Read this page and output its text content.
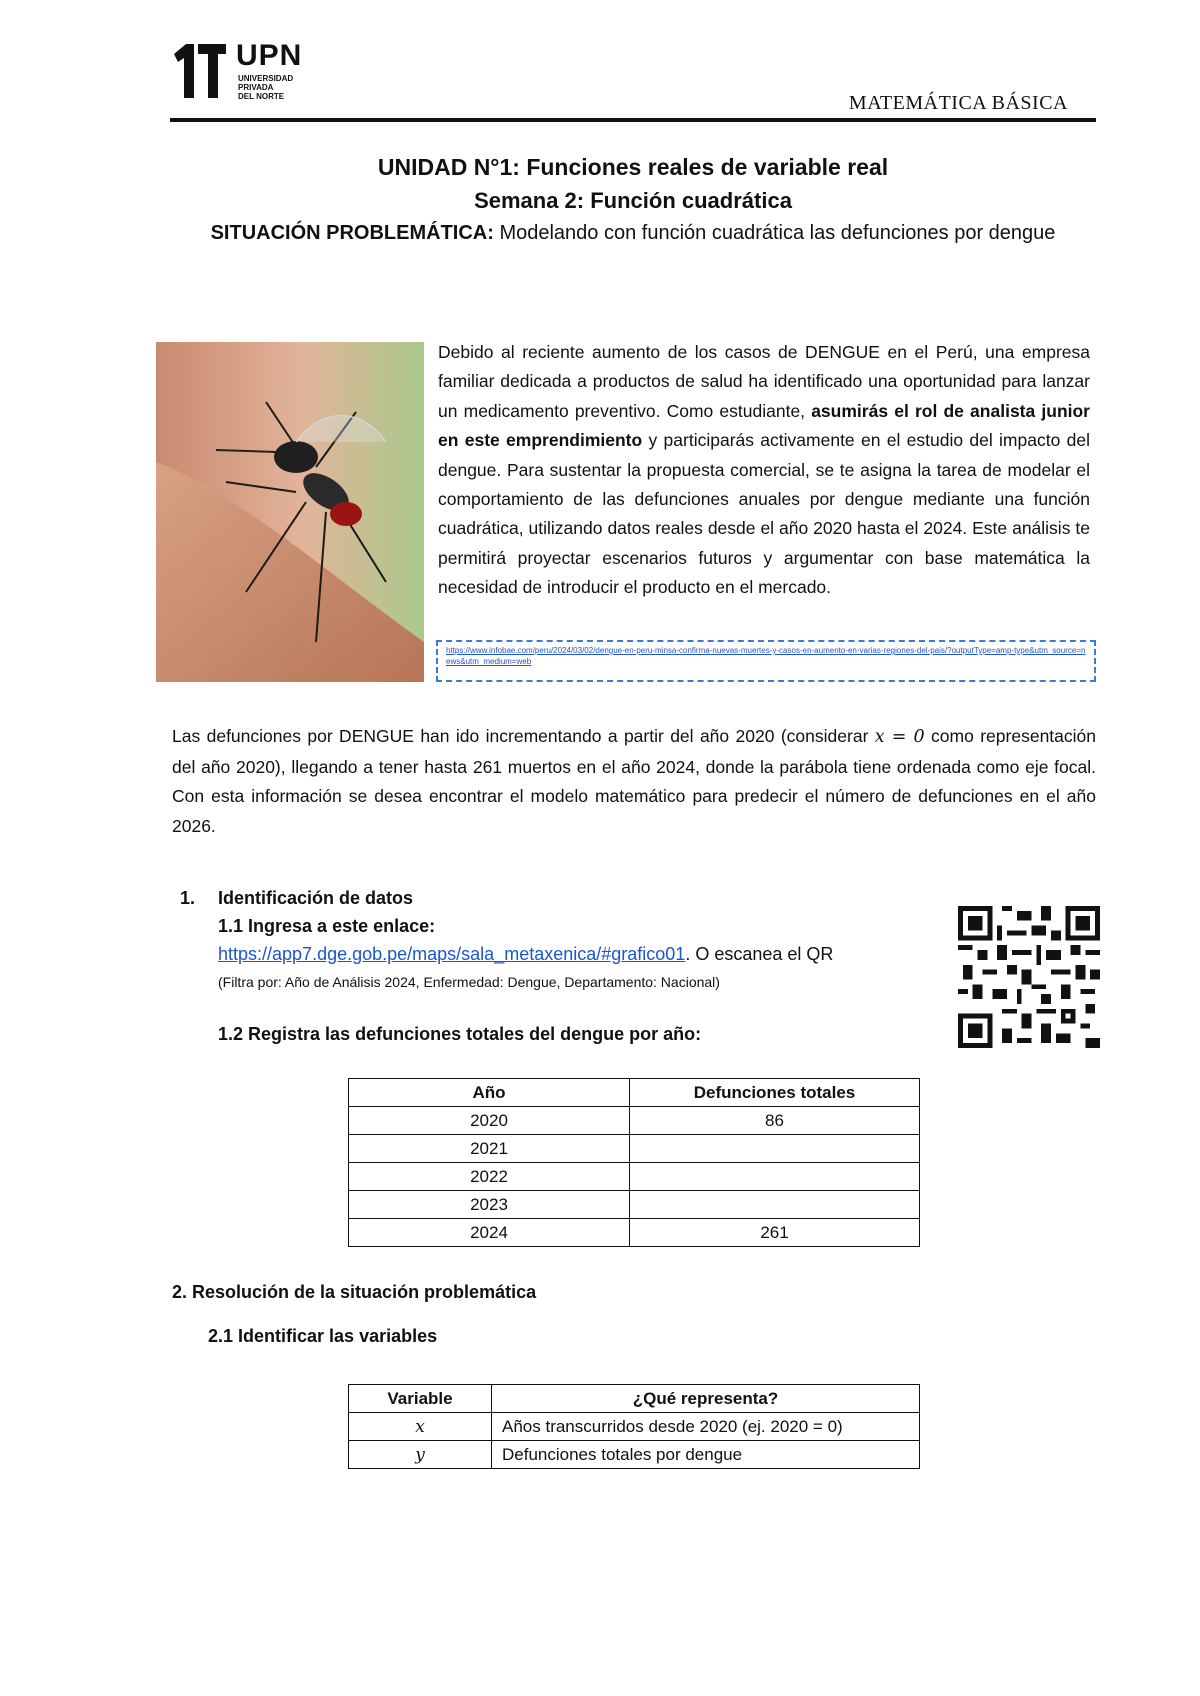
UPN
UNIVERSIDAD
PRIVADA
DEL NORTE	MATEMÁTICA BÁSICA
UNIDAD N°1: Funciones reales de variable real
Semana 2: Función cuadrática
SITUACIÓN PROBLEMÁTICA: Modelando con función cuadrática las defunciones por dengue

Debido al reciente aumento de los casos de DENGUE en el Perú, una empresa familiar dedicada a productos de salud ha identificado una oportunidad para lanzar un medicamento preventivo. Como estudiante, asumirás el rol de analista junior en este emprendimiento y participarás activamente en el estudio del impacto del dengue. Para sustentar la propuesta comercial, se te asigna la tarea de modelar el comportamiento de las defunciones anuales por dengue mediante una función cuadrática, utilizando datos reales desde el año 2020 hasta el 2024. Este análisis te permitirá proyectar escenarios futuros y argumentar con base matemática la necesidad de introducir el producto en el mercado.

https://www.infobae.com/peru/2024/03/02/dengue-en-peru-minsa-confirma-nuevas-muertes-y-casos-en-aumento-en-varias-regiones-del-pais/?outputType=amp-type&utm_source=news&utm_medium=web

Las defunciones por DENGUE han ido incrementando a partir del año 2020 (considerar x = 0 como representación del año 2020), llegando a tener hasta 261 muertos en el año 2024, donde la parábola tiene ordenada como eje focal. Con esta información se desea encontrar el modelo matemático para predecir el número de defunciones en el año 2026.

1. Identificación de datos
1.1 Ingresa a este enlace:
https://app7.dge.gob.pe/maps/sala_metaxenica/#grafico01. O escanea el QR
(Filtra por: Año de Análisis 2024, Enfermedad: Dengue, Departamento: Nacional)
1.2 Registra las defunciones totales del dengue por año:
Año	Defunciones totales
2020	86
2021	
2022	
2023	
2024	261
2. Resolución de la situación problemática
2.1 Identificar las variables
Variable	¿Qué representa?
x	Años transcurridos desde 2020 (ej. 2020 = 0)
y	Defunciones totales por dengue
